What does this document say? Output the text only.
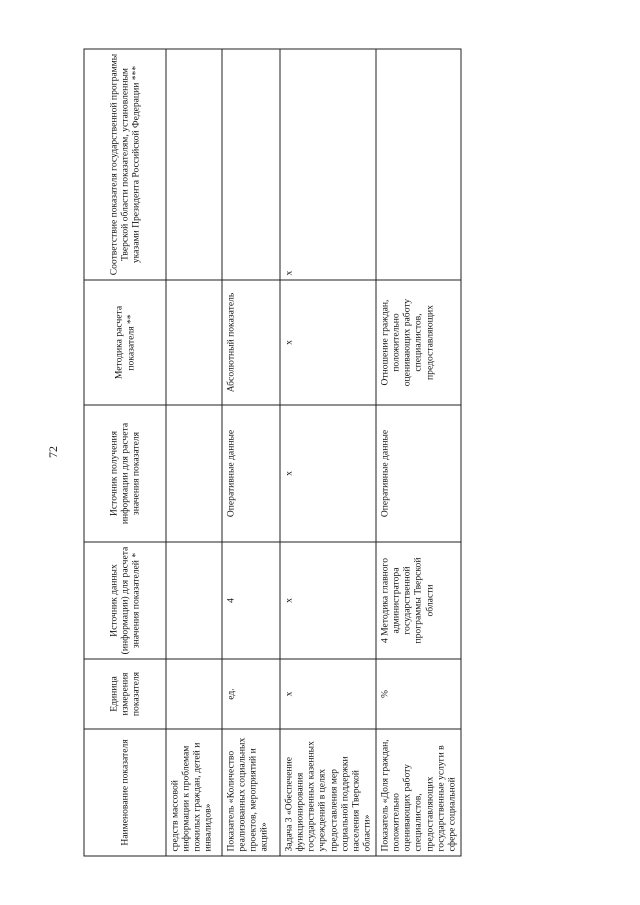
72
Наименование показателя	Единица измерения показателя	Источник данных (информации) для расчета значения показателей *	Источник получения информации для расчета значения показателя	Методика расчета показателя **	Соответствие показателя государственной программы Тверской области показателям, установленным указами Президента Российской Федерации ***
средств массовой информации к проблемам пожилых граждан, детей и инвалидов»					
Показатель «Количество реализованных социальных проектов, мероприятий и акций»	ед.	4	Оперативные данные	Абсолютный показатель	
Задача 3 «Обеспечение функционирования государственных казенных учреждений в целях предоставления мер социальной поддержки населения Тверской области»	х	х	х	х	х
Показатель «Доля граждан, положительно оценивающих работу специалистов, предоставляющих государственные услуги в сфере социальной	%	4 Методика главного администратора государственной программы Тверской области	Оперативные данные	Отношение граждан, положительно оценивающих работу специалистов, предоставляющих	
